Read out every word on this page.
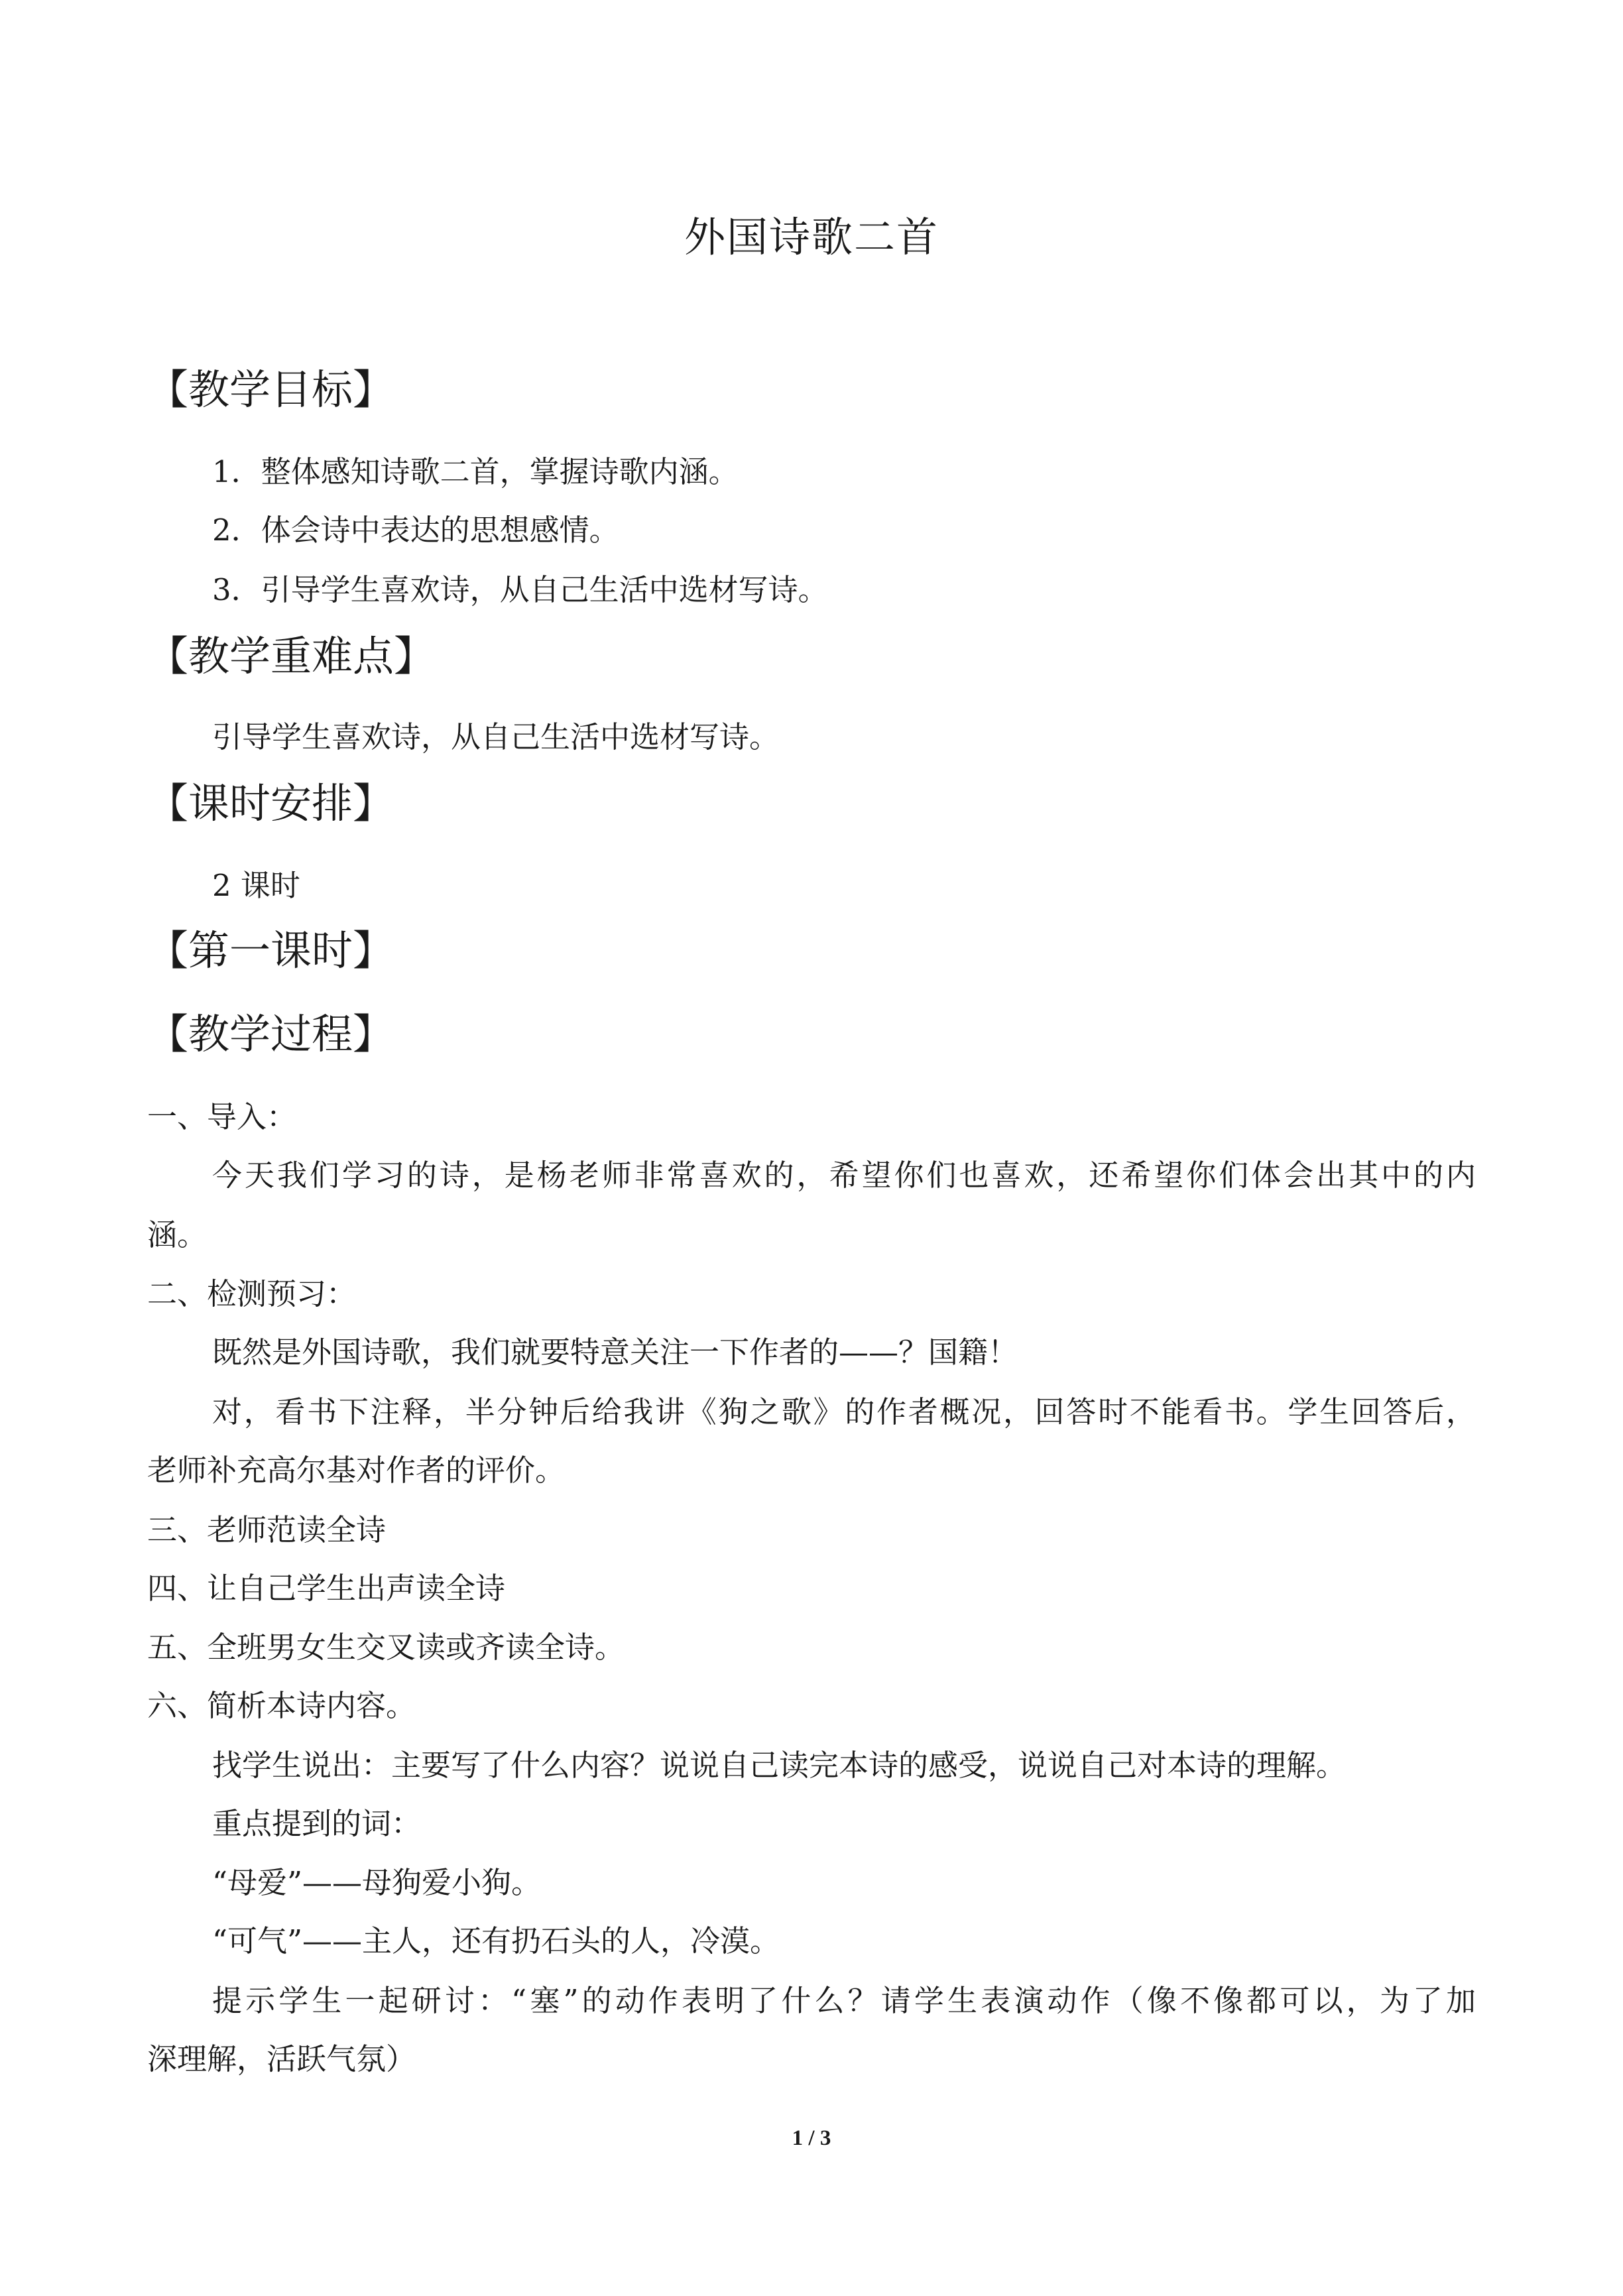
外国诗歌二首
【教学目标】
1．整体感知诗歌二首，掌握诗歌内涵。
2．体会诗中表达的思想感情。
3．引导学生喜欢诗，从自己生活中选材写诗。
【教学重难点】
引导学生喜欢诗，从自己生活中选材写诗。
【课时安排】
2 课时
【第一课时】
【教学过程】
一、导入：
今天我们学习的诗，是杨老师非常喜欢的，希望你们也喜欢，还希望你们体会出其中的内
涵。
二、检测预习：
既然是外国诗歌，我们就要特意关注一下作者的——？国籍！
对，看书下注释，半分钟后给我讲《狗之歌》的作者概况，回答时不能看书。学生回答后，
老师补充高尔基对作者的评价。
三、老师范读全诗
四、让自己学生出声读全诗
五、全班男女生交叉读或齐读全诗。
六、简析本诗内容。
找学生说出：主要写了什么内容？说说自己读完本诗的感受，说说自己对本诗的理解。
重点提到的词：
“母爱”——母狗爱小狗。
“可气”——主人，还有扔石头的人，冷漠。
提示学生一起研讨：“塞”的动作表明了什么？请学生表演动作（像不像都可以，为了加
深理解，活跃气氛）
1 / 3
